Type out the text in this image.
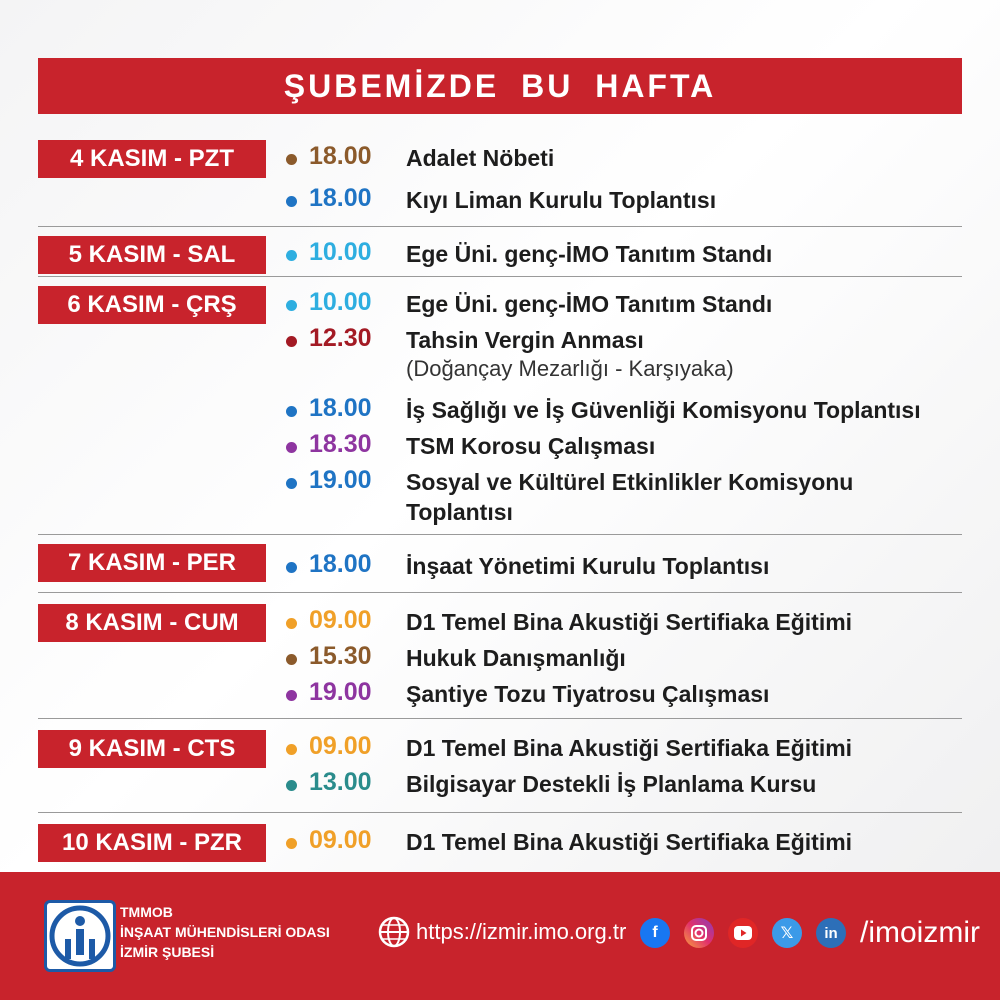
ŞUBEMİZDE BU HAFTA
4 KASIM - PZT	18.00 Adalet Nöbeti
18.00 Kıyı Liman Kurulu Toplantısı
5 KASIM - SAL	10.00 Ege Üni. genç-İMO Tanıtım Standı
6 KASIM - ÇRŞ	10.00 Ege Üni. genç-İMO Tanıtım Standı
12.30 Tahsin Vergin Anması
(Doğançay Mezarlığı - Karşıyaka)
18.00 İş Sağlığı ve İş Güvenliği Komisyonu Toplantısı
18.30 TSM Korosu Çalışması
19.00 Sosyal ve Kültürel Etkinlikler Komisyonu Toplantısı
7 KASIM - PER	18.00 İnşaat Yönetimi Kurulu Toplantısı
8 KASIM - CUM	09.00 D1 Temel Bina Akustiği Sertifiaka Eğitimi
15.30 Hukuk Danışmanlığı
19.00 Şantiye Tozu Tiyatrosu Çalışması
9 KASIM - CTS	09.00 D1 Temel Bina Akustiği Sertifiaka Eğitimi
13.00 Bilgisayar Destekli İş Planlama Kursu
10 KASIM - PZR	09.00 D1 Temel Bina Akustiği Sertifiaka Eğitimi
TMMOB
İNŞAAT MÜHENDİSLERİ ODASI
İZMİR ŞUBESİ
https://izmir.imo.org.tr	f	𝕏	in /imoizmir
